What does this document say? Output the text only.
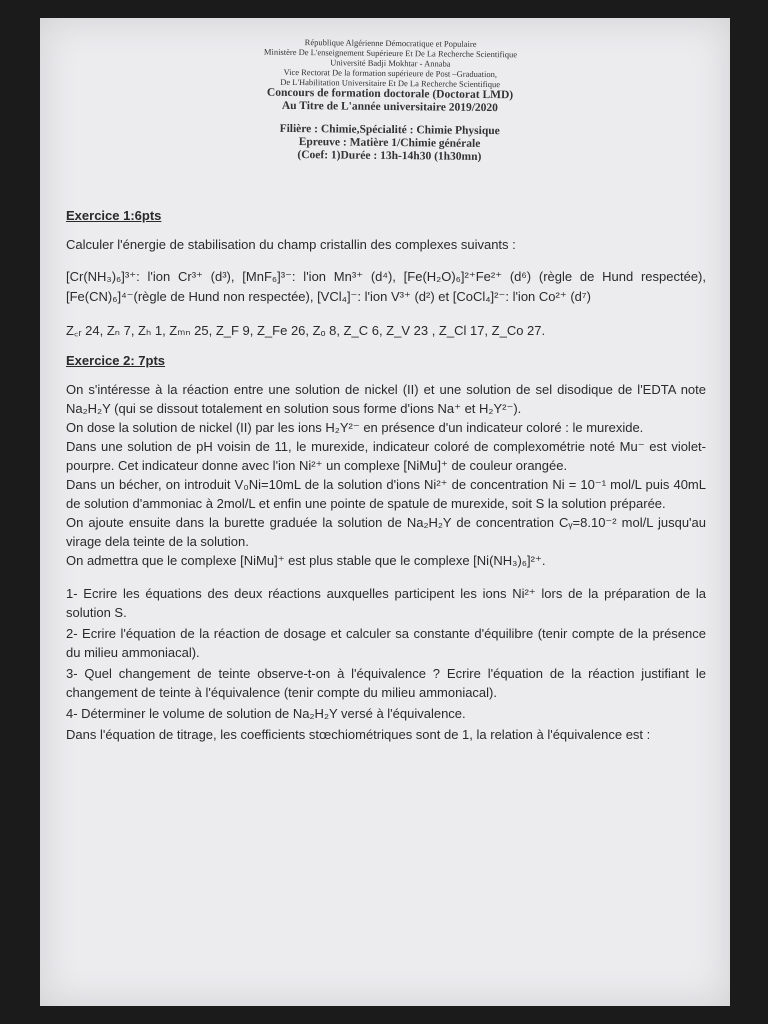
République Algérienne Démocratique et Populaire
Ministère De L'enseignement Supérieure Et De La Recherche Scientifique
Université Badji Mokhtar - Annaba
Vice Rectorat De la formation supérieure de Post –Graduation,
De L'Habilitation Universitaire Et De La Recherche Scientifique
Concours de formation doctorale (Doctorat LMD)
Au Titre de L'année universitaire 2019/2020
Filière : Chimie,Spécialité : Chimie Physique
Epreuve : Matière 1/Chimie générale
(Coef: 1)Durée : 13h-14h30 (1h30mn)
Exercice 1:6pts

Calculer l'énergie de stabilisation du champ cristallin des complexes suivants :

[Cr(NH₃)₆]³⁺: l'ion Cr³⁺ (d³), [MnF₆]³⁻: l'ion Mn³⁺ (d⁴), [Fe(H₂O)₆]²⁺Fe²⁺ (d⁶) (règle de Hund respectée), [Fe(CN)₆]⁴⁻(règle de Hund non respectée), [VCl₄]⁻: l'ion V³⁺ (d²) et [CoCl₄]²⁻: l'ion Co²⁺ (d⁷)

Z꜀ᵣ 24, Zₙ 7, Zₕ 1, Zₘₙ 25, Z_F 9, Z_Fe 26, Zₒ 8, Z_C 6, Z_V 23 , Z_Cl 17, Z_Co 27.

Exercice 2: 7pts

On s'intéresse à la réaction entre une solution de nickel (II) et une solution de sel disodique de l'EDTA note Na₂H₂Y (qui se dissout totalement en solution sous forme d'ions Na⁺ et H₂Y²⁻).

On dose la solution de nickel (II) par les ions H₂Y²⁻ en présence d'un indicateur coloré : le murexide.

Dans une solution de pH voisin de 11, le murexide, indicateur coloré de complexométrie noté Mu⁻ est violet-pourpre. Cet indicateur donne avec l'ion Ni²⁺ un complexe [NiMu]⁺ de couleur orangée.

Dans un bécher, on introduit V₀Ni=10mL de la solution d'ions Ni²⁺ de concentration Ni = 10⁻¹ mol/L puis 40mL de solution d'ammoniac à 2mol/L et enfin une pointe de spatule de murexide, soit S la solution préparée.

On ajoute ensuite dans la burette graduée la solution de Na₂H₂Y de concentration Cᵧ=8.10⁻² mol/L jusqu'au virage dela teinte de la solution.

On admettra que le complexe [NiMu]⁺ est plus stable que le complexe [Ni(NH₃)₆]²⁺.

1- Ecrire les équations des deux réactions auxquelles participent les ions Ni²⁺ lors de la préparation de la solution S.

2- Ecrire l'équation de la réaction de dosage et calculer sa constante d'équilibre (tenir compte de la présence du milieu ammoniacal).

3- Quel changement de teinte observe-t-on à l'équivalence ? Ecrire l'équation de la réaction justifiant le changement de teinte à l'équivalence (tenir compte du milieu ammoniacal).

4- Déterminer le volume de solution de Na₂H₂Y versé à l'équivalence.

Dans l'équation de titrage, les coefficients stœchiométriques sont de 1, la relation à l'équivalence est :
